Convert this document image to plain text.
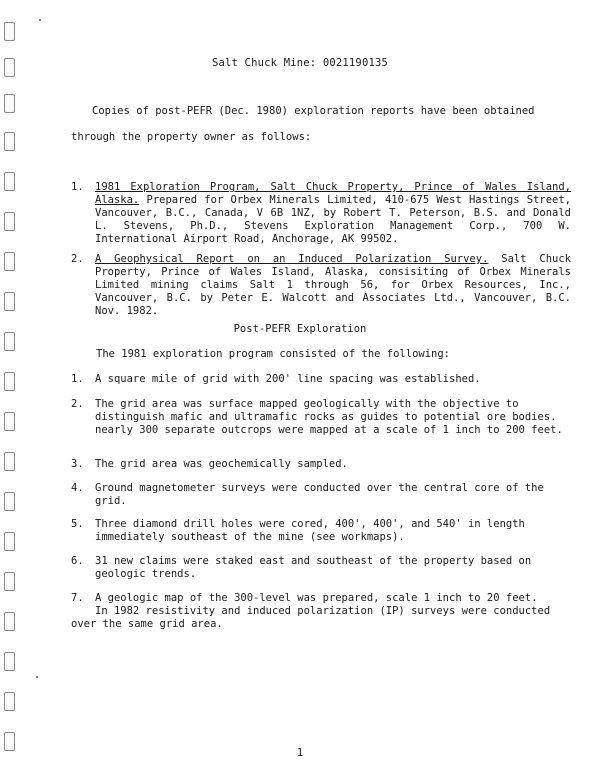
Salt Chuck Mine: 0021190135
Copies of post-PEFR (Dec. 1980) exploration reports have been obtained
through the property owner as follows:
1. 1981 Exploration Program, Salt Chuck Property, Prince of Wales Island, Alaska. Prepared for Orbex Minerals Limited, 410-675 West Hastings Street, Vancouver, B.C., Canada, V 6B 1NZ, by Robert T. Peterson, B.S. and Donald L. Stevens, Ph.D., Stevens Exploration Management Corp., 700 W. International Airport Road, Anchorage, AK 99502.
2. A Geophysical Report on an Induced Polarization Survey. Salt Chuck Property, Prince of Wales Island, Alaska, consisiting of Orbex Minerals Limited mining claims Salt 1 through 56, for Orbex Resources, Inc., Vancouver, B.C. by Peter E. Walcott and Associates Ltd., Vancouver, B.C. Nov. 1982.
Post-PEFR Exploration
The 1981 exploration program consisted of the following:
1. A square mile of grid with 200' line spacing was established.
2. The grid area was surface mapped geologically with the objective to distinguish mafic and ultramafic rocks as guides to potential ore bodies. nearly 300 separate outcrops were mapped at a scale of 1 inch to 200 feet.
3. The grid area was geochemically sampled.
4. Ground magnetometer surveys were conducted over the central core of the grid.
5. Three diamond drill holes were cored, 400', 400', and 540' in length immediately southeast of the mine (see workmaps).
6. 31 new claims were staked east and southeast of the property based on geologic trends.
7. A geologic map of the 300-level was prepared, scale 1 inch to 20 feet.
In 1982 resistivity and induced polarization (IP) surveys were conducted
over the same grid area.
1
